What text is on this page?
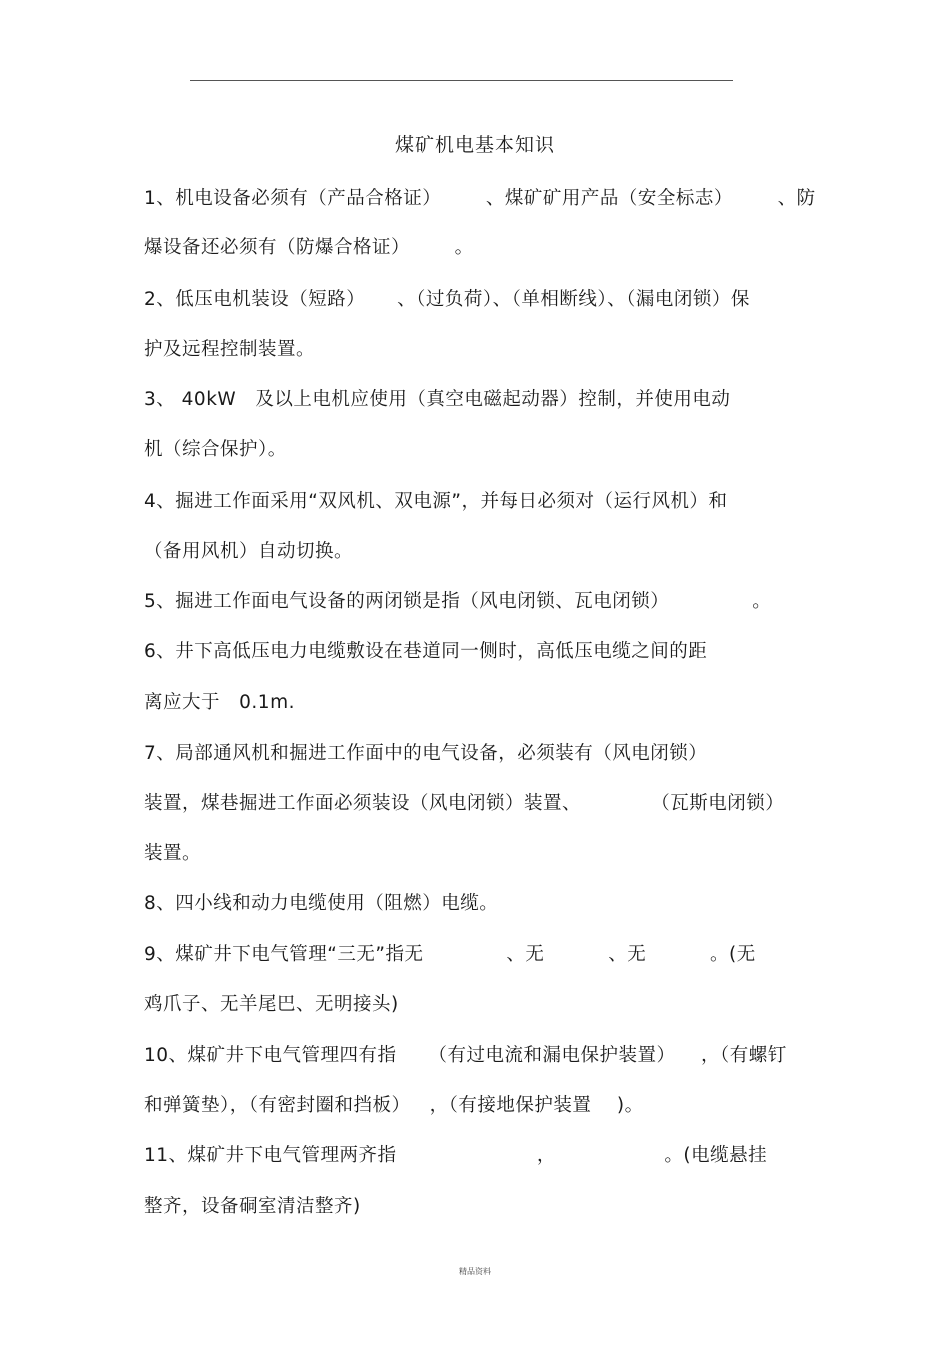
煤矿机电基本知识
1、机电设备必须有（产品合格证）       、煤矿矿用产品（安全标志）       、防
爆设备还必须有（防爆合格证）       。
2、低压电机装设（短路）     、（过负荷）、（单相断线）、（漏电闭锁）保
护及远程控制装置。
3、 40kW   及以上电机应使用（真空电磁起动器）控制，并使用电动
机（综合保护）。
4、掘进工作面采用“双风机、双电源”，并每日必须对（运行风机）和
（备用风机）自动切换。
5、掘进工作面电气设备的两闭锁是指（风电闭锁、瓦电闭锁）             。
6、井下高低压电力电缆敷设在巷道同一侧时，高低压电缆之间的距
离应大于   0.1m.
7、局部通风机和掘进工作面中的电气设备，必须装有（风电闭锁）
装置，煤巷掘进工作面必须装设（风电闭锁）装置、           （瓦斯电闭锁）
装置。
8、四小线和动力电缆使用（阻燃）电缆。
9、煤矿井下电气管理“三无”指无             、无          、无          。(无
鸡爪子、无羊尾巴、无明接头)
10、煤矿井下电气管理四有指     （有过电流和漏电保护装置）    ，（有螺钉
和弹簧垫），（有密封圈和挡板）   ，（有接地保护装置    )。
11、煤矿井下电气管理两齐指                      ，                 。(电缆悬挂
整齐，设备硐室清洁整齐)
精品资料
